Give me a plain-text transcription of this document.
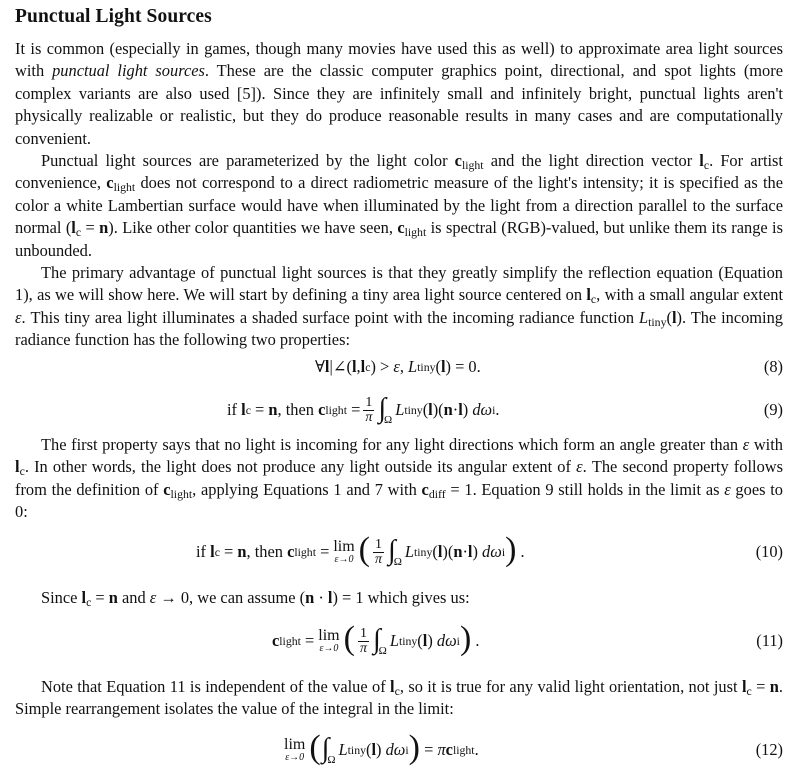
Punctual Light Sources

It is common (especially in games, though many movies have used this as well) to approximate area light sources with punctual light sources. These are the classic computer graphics point, directional, and spot lights (more complex variants are also used [5]). Since they are infinitely small and infinitely bright, punctual lights aren't physically realizable or realistic, but they do produce reasonable results in many cases and are computationally convenient.

Punctual light sources are parameterized by the light color $c_{light}$ and the light direction vector $l_c$. For artist convenience, $c_{light}$ does not correspond to a direct radiometric measure of the light's intensity; it is specified as the color a white Lambertian surface would have when illuminated by the light from a direction parallel to the surface normal $(l_c = n)$. Like other color quantities we have seen, $c_{light}$ is spectral (RGB)-valued, but unlike them its range is unbounded.

The primary advantage of punctual light sources is that they greatly simplify the reflection equation (Equation 1), as we will show here. We will start by defining a tiny area light source centered on $l_c$, with a small angular extent ε. This tiny area light illuminates a shaded surface point with the incoming radiance function $L_{tiny}(l)$. The incoming radiance function has the following two properties:

∀ l |∠( l , l c ) > ε , L tiny ( l ) = 0.	(8)
if
l c = n , then
c light = $\frac{1}{\pi}$ ∫
Ω
L tiny ( l )( n · l ) dω i .	(9)

The first property says that no light is incoming for any light directions which form an angle greater than ε with $l_c$. In other words, the light does not produce any light outside its angular extent of ε. The second property follows from the definition of $c_{light}$, applying Equations 1 and 7 with $c_{diff} = 1$. Equation 9 still holds in the limit as ε goes to 0:

if
l c = n , then
c light = lim
ε→0 ( $\frac{1}{\pi}$ ∫
Ω
L tiny ( l )( n · l ) dω i ) .	(10)

Since $l_c = n$ and ε → 0, we can assume (n · l) = 1 which gives us:

c light = lim
ε→0 ( $\frac{1}{\pi}$ ∫
Ω
L tiny ( l ) dω i ) .	(11)

Note that Equation 11 is independent of the value of $l_c$, so it is true for any valid light orientation, not just $l_c = n$. Simple rearrangement isolates the value of the integral in the limit:

lim
ε→0 ( ∫
Ω
L tiny ( l ) dω i ) = π c light .	(12)
